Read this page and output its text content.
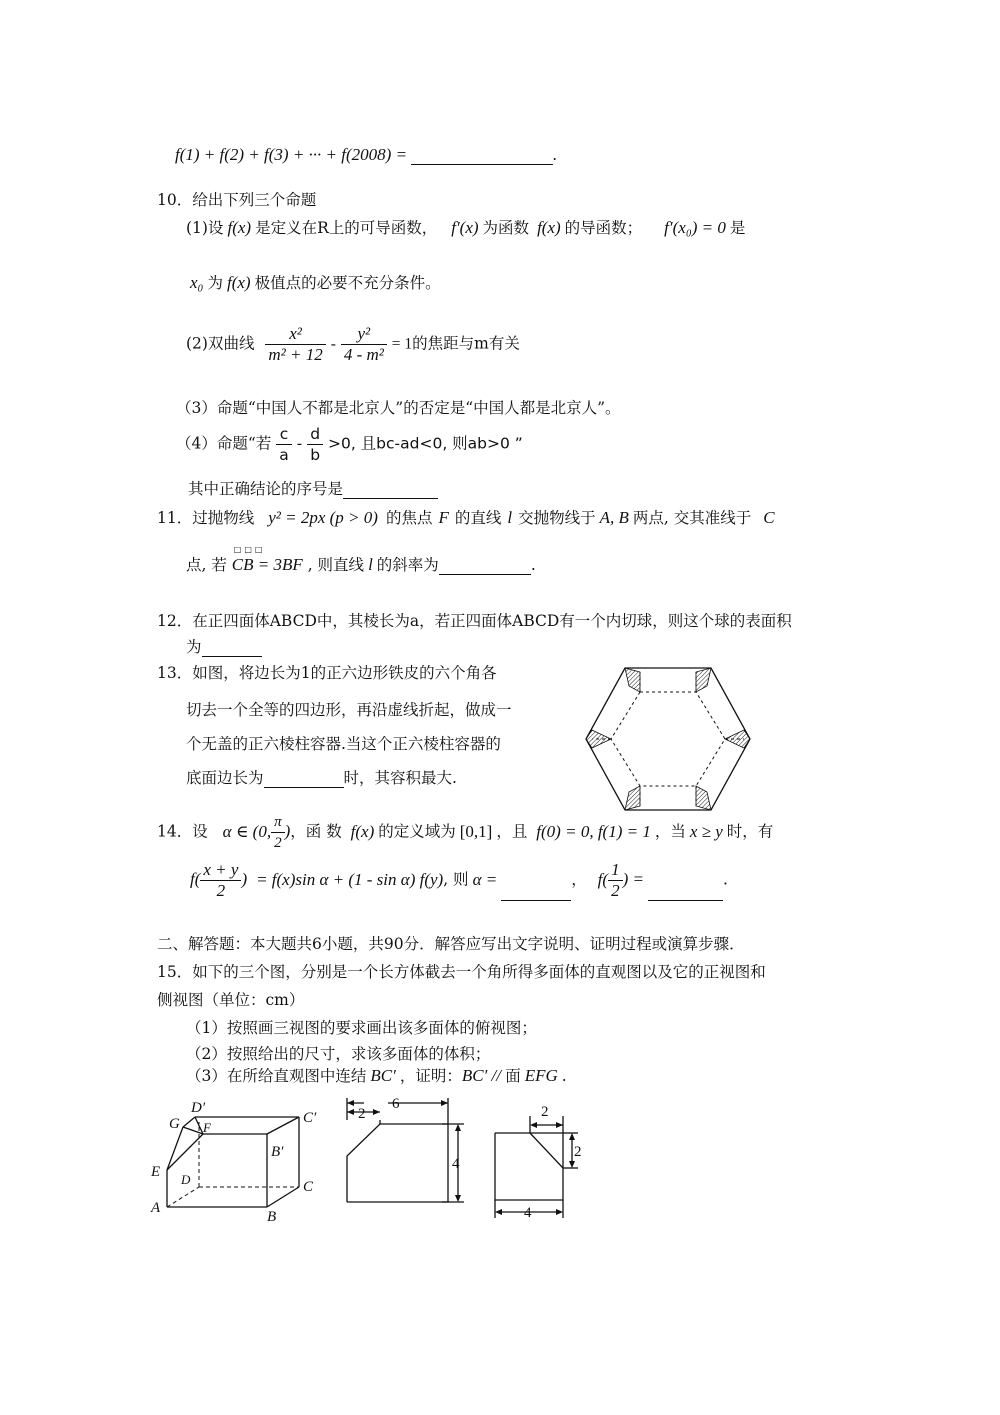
f(1) + f(2) + f(3) + ··· + f(2008) =	.
10．给出下列三个命题
(1)设 f(x) 是定义在R上的可导函数， f′(x) 为函数 f(x) 的导函数； f′(x₀) = 0 是
x₀ 为 f(x) 极值点的必要不充分条件。
(2)双曲线 $\frac{\text{x²}}{\text{m² + 12}} - \frac{\text{y²}}{\text{4 - m²}} = 1$的焦距与m有关
（3）命题“中国人不都是北京人”的否定是“中国人都是北京人”。
（4）命题“若 $\frac{c}{a} - \frac{d}{b} >0$, 且bc-ad<0, 则ab>0 ”
其中正确结论的序号是
11．过抛物线 y² = 2px (p > 0) 的焦点 F 的直线 l 交抛物线于 A, B 两点, 交其准线于 C
点, 若
□□□
CB = 3BF , 则直线 l 的斜率为	.
12．在正四面体ABCD中，其棱长为a，若正四面体ABCD有一个内切球，则这个球的表面积
为
13．如图，将边长为1的正六边形铁皮的六个角各
切去一个全等的四边形，再沿虚线折起，做成一
个无盖的正六棱柱容器.当这个正六棱柱容器的
底面边长为	时，其容积最大.
14．设 α ∈ (0, $\frac{\pi}{2}$ )，函 数 f(x) 的定义域为 [0,1] ，且 f(0) = 0, f(1) = 1 ，当 x ≥ y 时，有
$f( \frac{x + y}{2}$ ) = f(x)sin α + (1 - sin α) f(y), 则 α =	， $f( \frac{1}{2}$ ) =	.
二、解答题：本大题共6小题，共90分．解答应写出文字说明、证明过程或演算步骤．
15．如下的三个图，分别是一个长方体截去一个角所得多面体的直观图以及它的正视图和
侧视图（单位：cm）
（1）按照画三视图的要求画出该多面体的俯视图；
（2）按照给出的尺寸，求该多面体的体积；
（3）在所给直观图中连结 BC′ ，证明：BC′ // 面 EFG .
G
D′
F
C′
B′
E D	C
A
B
2
6
4
2
2
4
